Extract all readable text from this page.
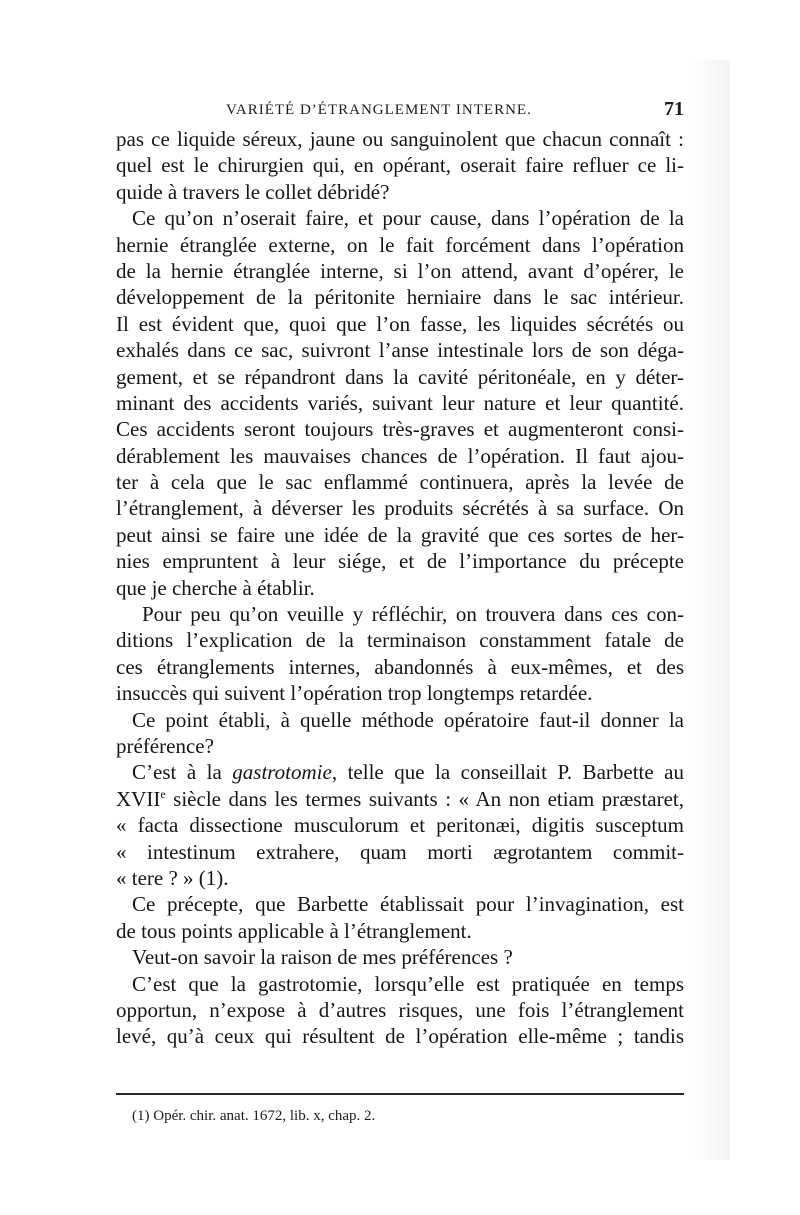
VARIÉTÉ D’ÉTRANGLEMENT INTERNE.	71
pas ce liquide séreux, jaune ou sanguinolent que chacun connaît :
quel est le chirurgien qui, en opérant, oserait faire refluer ce li-
quide à travers le collet débridé?
Ce qu’on n’oserait faire, et pour cause, dans l’opération de la
hernie étranglée externe, on le fait forcément dans l’opération
de la hernie étranglée interne, si l’on attend, avant d’opérer, le
développement de la péritonite herniaire dans le sac intérieur.
Il est évident que, quoi que l’on fasse, les liquides sécrétés ou
exhalés dans ce sac, suivront l’anse intestinale lors de son déga-
gement, et se répandront dans la cavité péritonéale, en y déter-
minant des accidents variés, suivant leur nature et leur quantité.
Ces accidents seront toujours très-graves et augmenteront consi-
dérablement les mauvaises chances de l’opération. Il faut ajou-
ter à cela que le sac enflammé continuera, après la levée de
l’étranglement, à déverser les produits sécrétés à sa surface. On
peut ainsi se faire une idée de la gravité que ces sortes de her-
nies empruntent à leur siége, et de l’importance du précepte
que je cherche à établir.
Pour peu qu’on veuille y réfléchir, on trouvera dans ces con-
ditions l’explication de la terminaison constamment fatale de
ces étranglements internes, abandonnés à eux-mêmes, et des
insuccès qui suivent l’opération trop longtemps retardée.
Ce point établi, à quelle méthode opératoire faut-il donner la
préférence?
C’est à la gastrotomie, telle que la conseillait P. Barbette au
XVIIe siècle dans les termes suivants : « An non etiam præstaret,
« facta dissectione musculorum et peritonæi, digitis susceptum
« intestinum extrahere, quam morti ægrotantem commit-
« tere ? » (1).
Ce précepte, que Barbette établissait pour l’invagination, est
de tous points applicable à l’étranglement.
Veut-on savoir la raison de mes préférences ?
C’est que la gastrotomie, lorsqu’elle est pratiquée en temps
opportun, n’expose à d’autres risques, une fois l’étranglement
levé, qu’à ceux qui résultent de l’opération elle-même ; tandis
(1) Opér. chir. anat. 1672, lib. x, chap. 2.
